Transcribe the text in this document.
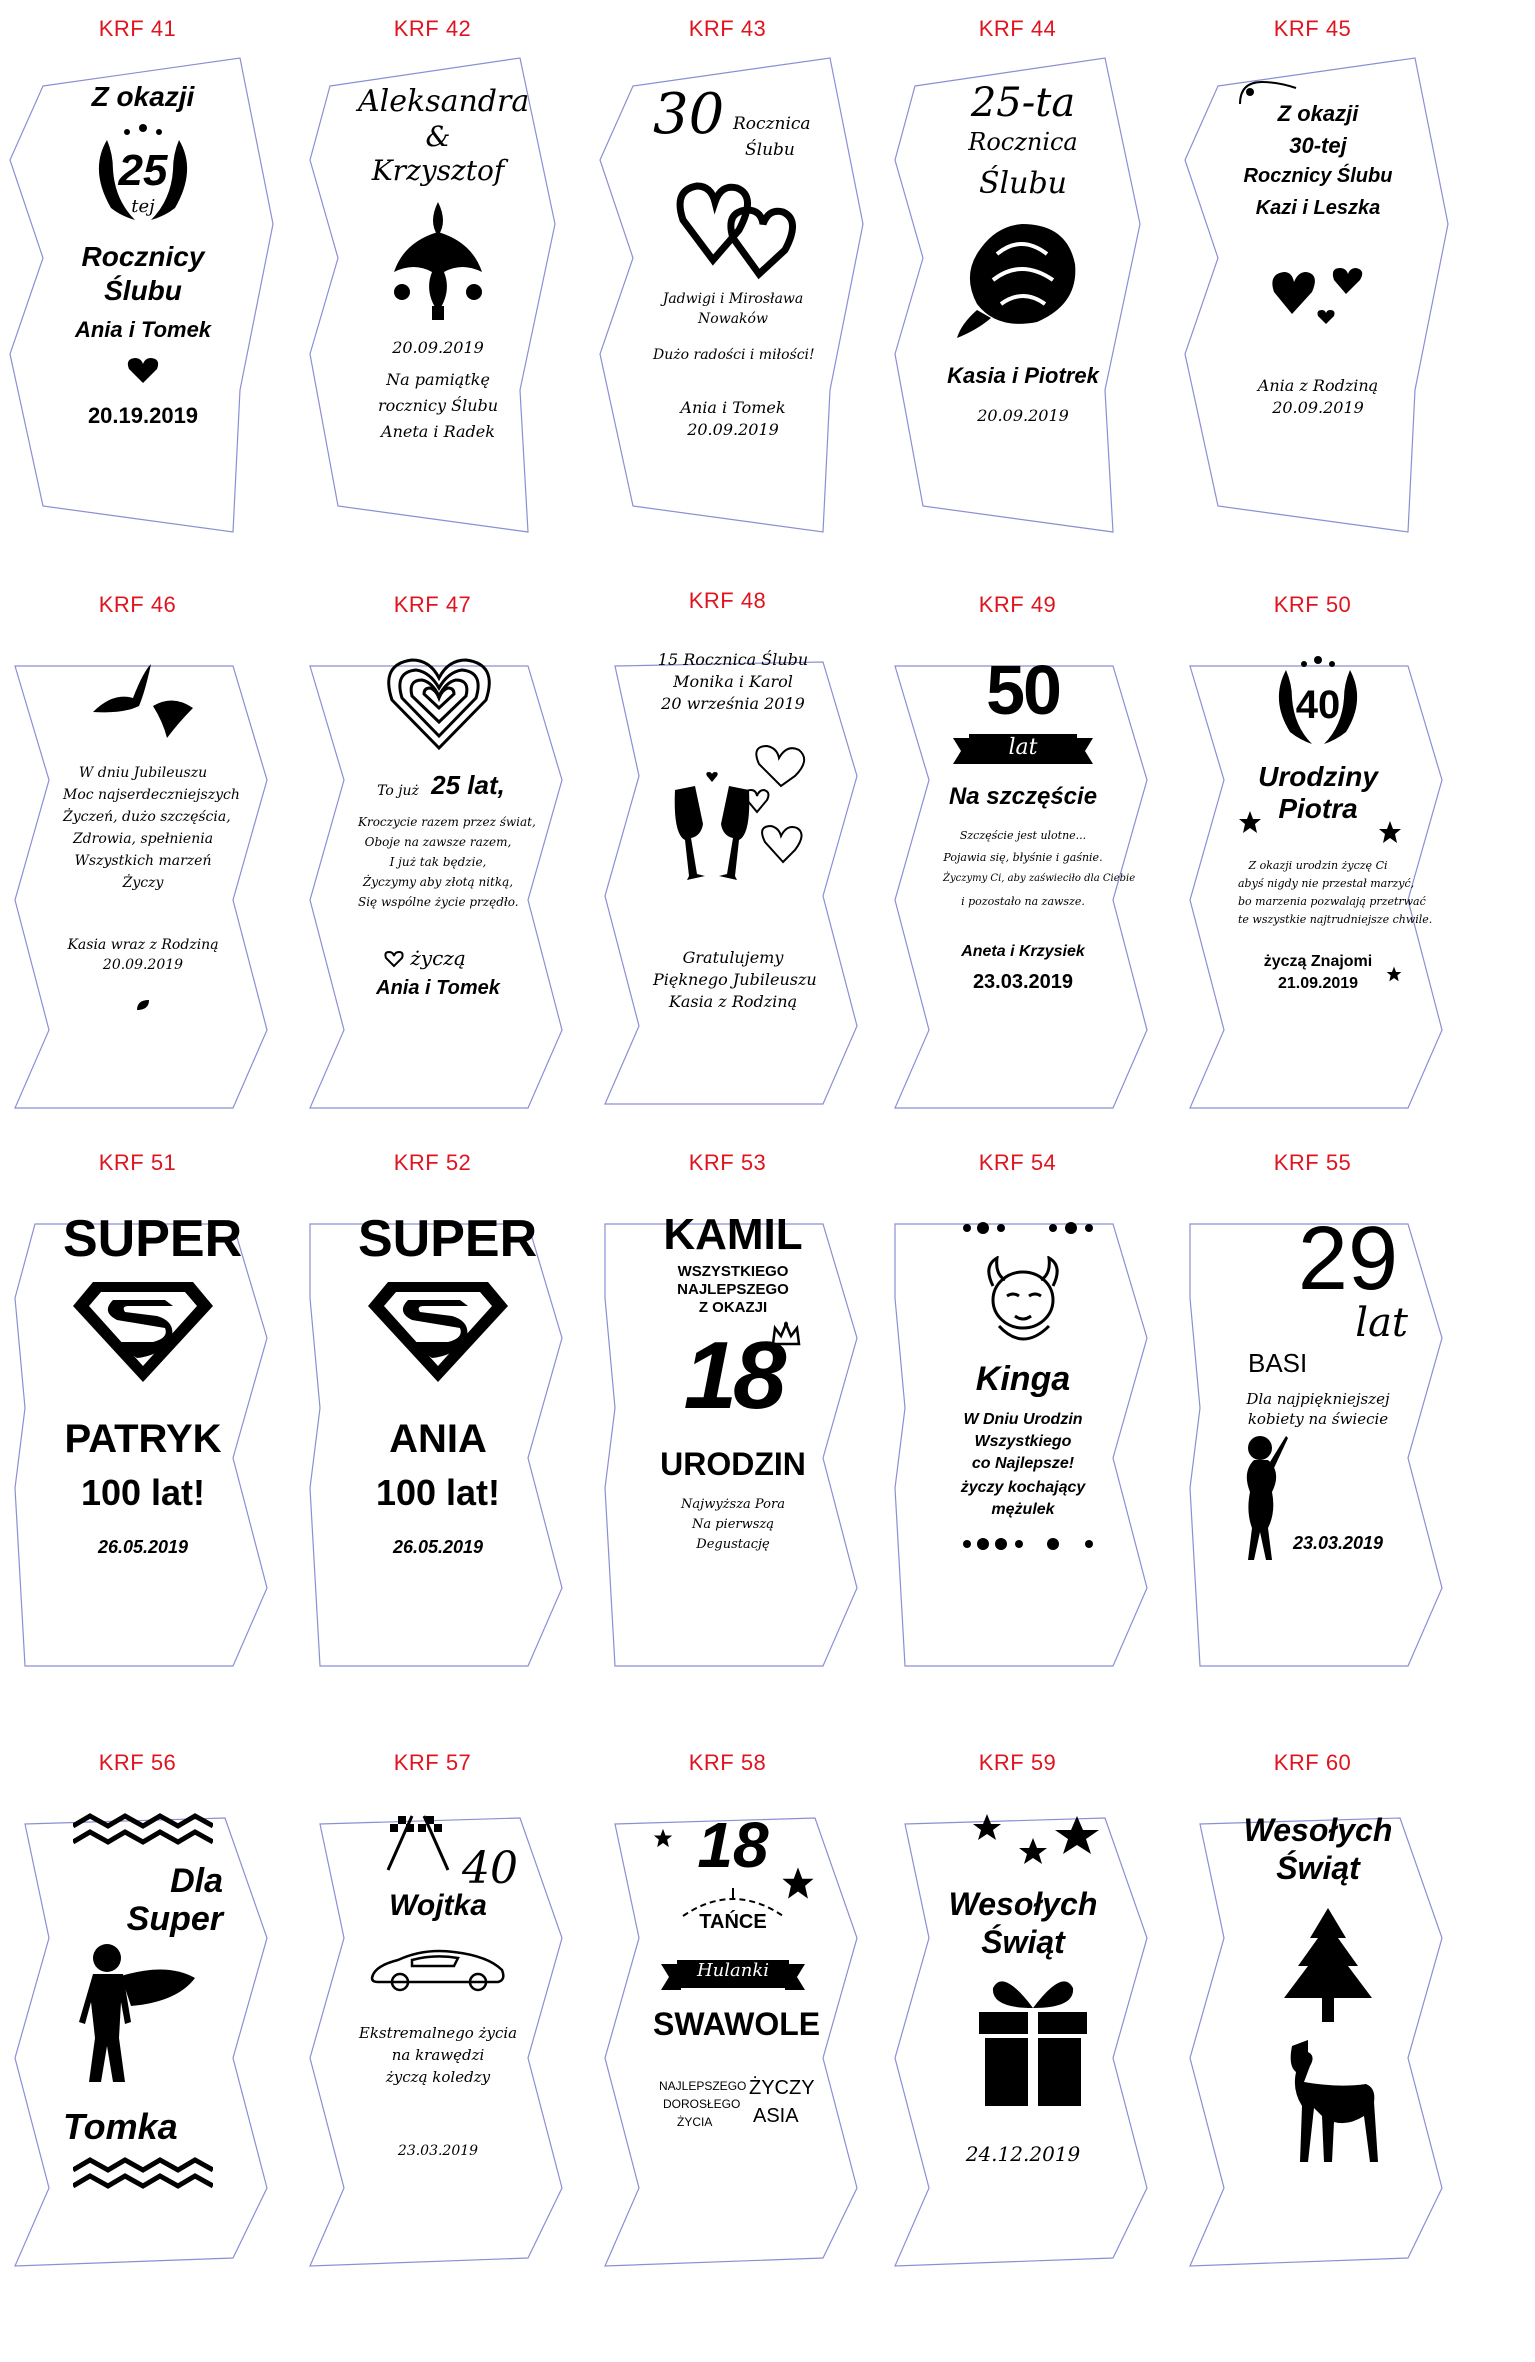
KRF 41
Z okazji
25
tej
Rocznicy
Ślubu
Ania i Tomek
20.19.2019
KRF 42
Aleksandra
&
Krzysztof
20.09.2019
Na pamiątkę
rocznicy Ślubu
Aneta i Radek
KRF 43
30 Rocznica
Ślubu
Jadwigi i Mirosława
Nowaków
Dużo radości i miłości!
Ania i Tomek
20.09.2019
KRF 44
25-ta
Rocznica
Ślubu
Kasia i Piotrek
20.09.2019
KRF 45
Z okazji
30-tej
Rocznicy Ślubu
Kazi i Leszka
Ania z Rodziną
20.09.2019
KRF 46
W dniu Jubileuszu
Moc najserdeczniejszych
Życzeń, dużo szczęścia,
Zdrowia, spełnienia
Wszystkich marzeń
Życzy
Kasia wraz z Rodziną
20.09.2019
KRF 47
To już 25 lat,
Kroczycie razem przez świat,
Oboje na zawsze razem,
I już tak będzie,
Życzymy aby złotą nitką,
Się wspólne życie przędło.
życzą
Ania i Tomek
KRF 48
15 Rocznica Ślubu
Monika i Karol
20 września 2019
Gratulujemy
Pięknego Jubileuszu
Kasia z Rodziną
KRF 49
50
lat
Na szczęście
Szczęście jest ulotne...
Pojawia się, błyśnie i gaśnie.
Życzymy Ci, aby zaświeciło dla Ciebie
i pozostało na zawsze.
Aneta i Krzysiek
23.03.2019
KRF 50
40
Urodziny
Piotra
Z okazji urodzin życzę Ci
abyś nigdy nie przestał marzyć,
bo marzenia pozwalają przetrwać
te wszystkie najtrudniejsze chwile.
życzą Znajomi
21.09.2019
KRF 51
SUPER
PATRYK
100 lat!
26.05.2019
KRF 52
SUPER
ANIA
100 lat!
26.05.2019
KRF 53
KAMIL
WSZYSTKIEGO
NAJLEPSZEGO
Z OKAZJI
18
URODZIN
Najwyższa Pora
Na pierwszą
Degustację
KRF 54
Kinga
W Dniu Urodzin
Wszystkiego
co Najlepsze!
życzy kochający
mężulek
KRF 55
29
lat
BASI
Dla najpiękniejszej
kobiety na świecie
23.03.2019
KRF 56
Dla
Super
Tomka
KRF 57
40
Wojtka
Ekstremalnego życia
na krawędzi
życzą koledzy
23.03.2019
KRF 58
18
TAŃCE
Hulanki
SWAWOLE
NAJLEPSZEGO
DOROSŁEGO
ŻYCIA
ŻYCZY
ASIA
KRF 59
Wesołych
Świąt
24.12.2019
KRF 60
Wesołych
Świąt
